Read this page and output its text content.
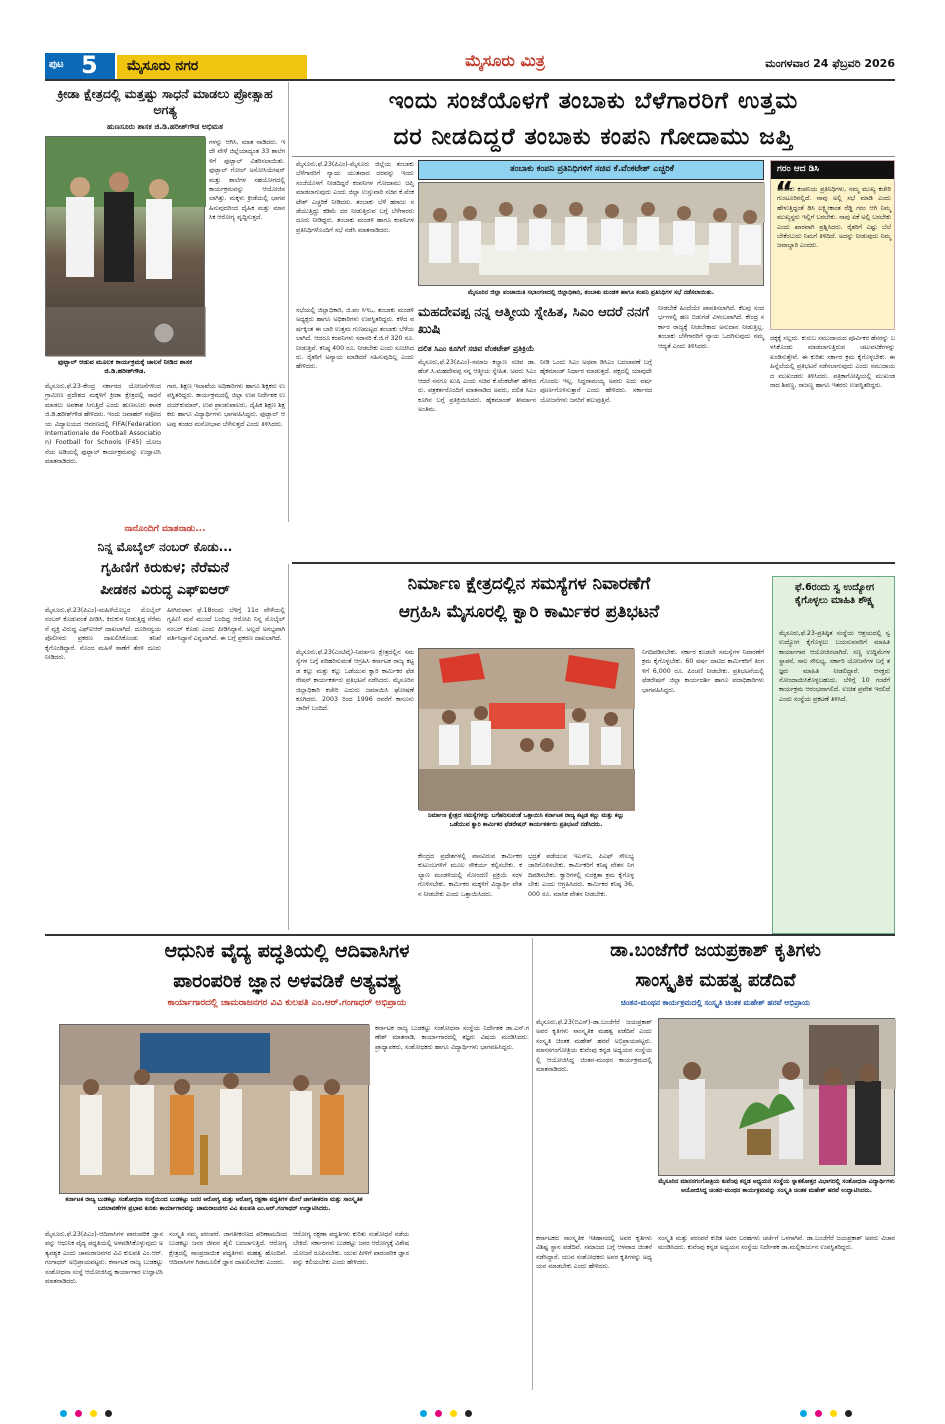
ಪುಟ 5	ಮೈಸೂರು ನಗರ	ಮೈಸೂರು ಮಿತ್ರ	ಮಂಗಳವಾರ 24 ಫೆಬ್ರವರಿ 2026
ಕ್ರೀಡಾ ಕ್ಷೇತ್ರದಲ್ಲಿ ಮತ್ತಷ್ಟು ಸಾಧನೆ ಮಾಡಲು ಪ್ರೋತ್ಸಾಹ ಅಗತ್ಯ
ಹುಣಸೂರು ಶಾಸಕ ಜಿ.ಡಿ.ಹರೀಶ್‌ಗೌಡ ಅಭಿಮತ
ಫುಟ್ಬಾಲ್ ಆಡುವ ಮೂಲಕ ಕಾರ್ಯಕ್ರಮಕ್ಕೆ ಚಾಲನೆ ನೀಡಿದ ಶಾಸಕ ಜಿ.ಡಿ.ಹರೀಶ್‌ಗೌಡ.
ಗಳನ್ನು ಆಗಿಸಿ, ಮಾತ ನಾಡಿದರು. ಇದೇ ವೇಳೆ ಜಿಲ್ಲೆಯಾದ್ಯಂತ 33 ಶಾಲೆಗಳಿಗೆ ಫುಟ್ಬಾಲ್ ವಿತರಿಸಲಾಯಿತು. ಫುಟ್ಬಾಲ್ ಗೋಲ್ ಅಸೋಸಿಯೇಷನ್ ಮತ್ತು ಶಾಲೆಗಳ ಸಹಯೋಗದಲ್ಲಿ ಕಾರ್ಯಕ್ರಮವನ್ನು ಆಯೋಜಿಸಲಾಗಿತ್ತು. ಮಕ್ಕಳು ಕ್ರೀಡೆಯಲ್ಲಿ ಭಾಗವಹಿಸುವುದರಿಂದ ದೈಹಿಕ ಮತ್ತು ಮಾನಸಿಕ ಆರೋಗ್ಯ ವೃದ್ಧಿಸುತ್ತದೆ.
ಮೈಸೂರು,ಫೆ.23-ಕೇಂದ್ರ ಸರ್ಕಾರದ ಯೋಜನೆಗಳಿಂದ ಗ್ರಾಮೀಣ ಪ್ರದೇಶದ ಮಕ್ಕಳಿಗೆ ಕ್ರೀಡಾ ಕ್ಷೇತ್ರದಲ್ಲಿ ಸಾಧನೆ ಮಾಡಲು ಅವಕಾಶ ಸಿಗುತ್ತಿದೆ ಎಂದು ಹುಣಸೂರು ಶಾಸಕ ಜಿ.ಡಿ.ಹರೀಶ್‌ಗೌಡ ಹೇಳಿದರು. ಇಂದು ಜವಾಹರ್ ನವೋದಯ ವಿದ್ಯಾಲಯದ ಆವರಣದಲ್ಲಿ FIFA(Federation Internationale de Football Association) Football for Schools (F45) ಯೋಜನೆಯ ಅಡಿಯಲ್ಲಿ ಫುಟ್ಬಾಲ್ ಕಾರ್ಯಕ್ರಮವನ್ನು ಉದ್ಘಾಟಿಸಿ ಮಾತನಾಡಿದರು.
ಗಾರ, ಶಿಕ್ಷಣ ಇಲಾಖೆಯ ಅಧಿಕಾರಿಗಳು ಹಾಗೂ ಶಿಕ್ಷಕರು ಉಪಸ್ಥಿತರಿದ್ದರು. ಕಾರ್ಯಕ್ರಮದಲ್ಲಿ ಜಿಲ್ಲಾ ಉಪ ನಿರ್ದೇಶಕ ಉದಯ್‌ಕುಮಾರ್, ಉಪ ಪ್ರಾಂಶುಪಾಲರು, ದೈಹಿಕ ಶಿಕ್ಷಣ ಶಿಕ್ಷಕರು ಹಾಗೂ ವಿದ್ಯಾರ್ಥಿಗಳು ಭಾಗವಹಿಸಿದ್ದರು. ಫುಟ್ಬಾಲ್ ಆಟವು ತಂಡದ ಮನೋಭಾವ ಬೆಳೆಸುತ್ತದೆ ಎಂದು ತಿಳಿಸಿದರು.
ಇಂದು ಸಂಜೆಯೊಳಗೆ ತಂಬಾಕು ಬೆಳೆಗಾರರಿಗೆ ಉತ್ತಮ
ದರ ನೀಡದಿದ್ದರೆ ತಂಬಾಕು ಕಂಪನಿ ಗೋದಾಮು ಜಪ್ತಿ
ಮೈಸೂರು,ಫೆ.23(ಪಿಎಂ)-ಮೈಸೂರು ಜಿಲ್ಲೆಯ ತಂಬಾಕು ಬೆಳೆಗಾರರಿಗೆ ನ್ಯಾಯ ಯುತವಾದ ದರವನ್ನು ಇಂದು ಸಂಜೆಯೊಳಗೆ ನೀಡದಿದ್ದರೆ ಕಂಪನಿಗಳ ಗೋದಾಮು ಜಪ್ತಿ ಮಾಡಲಾಗುವುದು ಎಂದು ಜಿಲ್ಲಾ ಉಸ್ತುವಾರಿ ಸಚಿವ ಕೆ.ವೆಂಕಟೇಶ್ ಎಚ್ಚರಿಕೆ ನೀಡಿದರು. ತಂಬಾಕು ಬೆಳೆ ಹರಾಜು ನಡೆಯುತ್ತಿದ್ದು ಕಡಿಮೆ ದರ ನೀಡುತ್ತಿರುವ ಬಗ್ಗೆ ಬೆಳೆಗಾರರು ದೂರು ನೀಡಿದ್ದರು. ತಂಬಾಕು ಮಂಡಳಿ ಹಾಗೂ ಕಂಪನಿಗಳ ಪ್ರತಿನಿಧಿಗಳೊಂದಿಗೆ ಸಭೆ ನಡೆಸಿ ಮಾತನಾಡಿದರು.
ತಂಬಾಕು ಕಂಪನಿ ಪ್ರತಿನಿಧಿಗಳಿಗೆ ಸಚಿವ ಕೆ.ವೆಂಕಟೇಶ್ ಎಚ್ಚರಿಕೆ
ಮೈಸೂರಿನ ಜಿಲ್ಲಾ ಪಂಚಾಯಿತಿ ಸಭಾಂಗಣದಲ್ಲಿ ಜಿಲ್ಲಾಧಿಕಾರಿ, ತಂಬಾಕು ಮಂಡಳಿ ಹಾಗೂ ಕಂಪನಿ ಪ್ರತಿನಿಧಿಗಳ ಸಭೆ ನಡೆಸಲಾಯಿತು.
ಗರಂ ಆದ ಡಿಸಿ
“
ತಂಬಾಕು ಕಂಪನಿಯ ಪ್ರತಿನಿಧಿಗಳು, ನಮ್ಮ ಮುಖ್ಯ ಕಚೇರಿ ಗುಂಟೂರಿನಲ್ಲಿದೆ. ನಾವು ಅಲ್ಲಿ ಸಭೆ ಮಾಡಿ ಎಂದು ಹೇಳುತ್ತಿದ್ದಂತೆ ಡಿಸಿ ಲಕ್ಷ್ಮೀಕಾಂತ ರೆಡ್ಡಿ ಗರಂ ಆಗಿ ನಿಮ್ಮ ಮುಖ್ಯಸ್ಥರು ಇಲ್ಲಿಗೆ ಬರಬೇಕು. ನಾವು ಏಕೆ ಅಲ್ಲಿ ಬರಬೇಕು ಎಂದು ಖಾರವಾಗಿ ಪ್ರಶ್ನಿಸಿದರು. ರೈತರಿಗೆ ಎಷ್ಟು ಬೆಲೆ ಬೇಕೆಂಬುದು ನಿಮಗೆ ತಿಳಿದಿದೆ. ಅದನ್ನು ನೀಡುವುದು ನಿಮ್ಮ ಜವಾಬ್ದಾರಿ ಎಂದರು.
ದಕ್ಕಕ್ಕೆ ಸಲ್ಲದು. ಕುರುಬ ಸಮುದಾಯದ ಪೂರ್ವಿಕರ ಹೆಸರನ್ನು ಬಳಸಿಕೊಂಡು ಮಾಡಲಾಗುತ್ತಿರುವ ಚಟುವಟಿಕೆಗಳನ್ನು ಖಂಡಿಸುತ್ತೇವೆ. ಈ ಕುರಿತು ಸರ್ಕಾರ ಕ್ರಮ ಕೈಗೊಳ್ಳಬೇಕು. ಈ ಹಿನ್ನೆಲೆಯಲ್ಲಿ ಪ್ರತಿಭಟನೆ ನಡೆಸಲಾಗುವುದು ಎಂದು ಸಮುದಾಯದ ಮುಖಂಡರು ತಿಳಿಸಿದರು. ಪತ್ರಿಕಾಗೋಷ್ಠಿಯಲ್ಲಿ ಮುಖಂಡರಾದ ಶಿವಣ್ಣ, ರಾಜಣ್ಣ ಹಾಗೂ ಇತರರು ಉಪಸ್ಥಿತರಿದ್ದರು.
ಮಹದೇವಪ್ಪ ನನ್ನ ಆತ್ಮೀಯ ಸ್ನೇಹಿತ, ಸಿಎಂ ಆದರೆ ನನಗೆ ಖುಷಿ
ದಲಿತ ಸಿಎಂ ಕೂಗಿಗೆ ಸಚಿವ ವೆಂಕಟೇಶ್ ಪ್ರತಿಕ್ರಿಯೆ
ಮೈಸೂರು,ಫೆ.23(ಪಿಎಂ)-ಸಮಾಜ ಕಲ್ಯಾಣ ಸಚಿವ ಡಾ.ಹೆಚ್.ಸಿ.ಮಹದೇವಪ್ಪ ನನ್ನ ಆತ್ಮೀಯ ಸ್ನೇಹಿತ. ಅವರು ಸಿಎಂ ಆದರೆ ನನಗೂ ಖುಷಿ ಎಂದು ಸಚಿವ ಕೆ.ವೆಂಕಟೇಶ್ ಹೇಳಿದರು. ಪತ್ರಕರ್ತರೊಂದಿಗೆ ಮಾತನಾಡಿದ ಅವರು, ದಲಿತ ಸಿಎಂ ಕೂಗಿನ ಬಗ್ಗೆ ಪ್ರತಿಕ್ರಿಯಿಸಿದರು. ಹೈಕಮಾಂಡ್ ತೀರ್ಮಾನ ಅಂತಿಮ.
ನೀಡಿ ಒಂದು ಸಿಎಂ ಅಥವಾ ಡಿಸಿಎಂ ಬದಲಾವಣೆ ಬಗ್ಗೆ ಹೈಕಮಾಂಡ್ ನಿರ್ಧಾರ ಮಾಡುತ್ತದೆ. ಪಕ್ಷದಲ್ಲಿ ಯಾವುದೇ ಗೊಂದಲ ಇಲ್ಲ. ಸಿದ್ದರಾಮಯ್ಯ ಅವರು ಐದು ವರ್ಷ ಪೂರ್ಣಗೊಳಿಸುತ್ತಾರೆ ಎಂದು ಹೇಳಿದರು. ಸರ್ಕಾರದ ಯೋಜನೆಗಳು ಜನರಿಗೆ ತಲುಪುತ್ತಿವೆ.
ನೀಡಬೇಕೆ ಹಿಂದೆಯೇ ಪಾವತಿಸಲಾಗಿದೆ. ಕೆಲವು ಸಂದರ್ಭಗಳಲ್ಲಿ ಹಣ ಬಿಡುಗಡೆ ವಿಳಂಬವಾಗಿದೆ. ಕೇಂದ್ರ ಸರ್ಕಾರ ರಾಜ್ಯಕ್ಕೆ ನೀಡಬೇಕಾದ ಅನುದಾನ ನೀಡುತ್ತಿಲ್ಲ. ತಂಬಾಕು ಬೆಳೆಗಾರರಿಗೆ ನ್ಯಾಯ ಒದಗಿಸುವುದು ನಮ್ಮ ಆದ್ಯತೆ ಎಂದು ತಿಳಿಸಿದರು.
ಸಭೆಯಲ್ಲಿ ಜಿಲ್ಲಾಧಿಕಾರಿ, ಜಿ.ಪಂ ಸಿಇಒ, ತಂಬಾಕು ಮಂಡಳಿ ಅಧ್ಯಕ್ಷರು ಹಾಗೂ ಅಧಿಕಾರಿಗಳು ಉಪಸ್ಥಿತರಿದ್ದರು. ಕಳೆದ ವರ್ಷಕ್ಕಿಂತ ಈ ಬಾರಿ ಉತ್ತಮ ಗುಣಮಟ್ಟದ ತಂಬಾಕು ಬೆಳೆಯಲಾಗಿದೆ. ಆದರೂ ಕಂಪನಿಗಳು ಸರಾಸರಿ ಕೆ.ಜಿ.ಗೆ 320 ರೂ. ನೀಡುತ್ತಿವೆ. ಕನಿಷ್ಠ 400 ರೂ. ನೀಡಬೇಕು ಎಂದು ಸೂಚಿಸಿದರು. ರೈತರಿಗೆ ಅನ್ಯಾಯ ಮಾಡಿದರೆ ಸಹಿಸುವುದಿಲ್ಲ ಎಂದು ಹೇಳಿದರು.
ನಾನೊಂದಿಗೆ ಮಾತನಾಡು...
ನಿನ್ನ ಮೊಬೈಲ್ ನಂಬರ್ ಕೊಡು...
ಗೃಹಿಣಿಗೆ ಕಿರುಕುಳ; ನೆರೆಮನೆ
ಪೀಡಕನ ವಿರುದ್ಧ ಎಫ್‌ಐಆರ್
ಮೈಸೂರು,ಫೆ.23(ಪಿಎಂ)-ಮಹಿಳೆಯೊಬ್ಬರ ಮೊಬೈಲ್ ನಂಬರ್ ಕೊಡುವಂತೆ ಪೀಡಿಸಿ, ಕಿರುಕುಳ ನೀಡುತ್ತಿದ್ದ ನೆರೆಮನೆ ವ್ಯಕ್ತಿ ವಿರುದ್ಧ ಎಫ್‌ಐಆರ್ ದಾಖಲಾಗಿದೆ. ದೂರಿನನ್ವಯ ಪೊಲೀಸರು ಪ್ರಕರಣ ದಾಖಲಿಸಿಕೊಂಡು ತನಿಖೆ ಕೈಗೊಂಡಿದ್ದಾರೆ. ನೊಂದ ಮಹಿಳೆ ಠಾಣೆಗೆ ತೆರಳಿ ದೂರು ನೀಡಿದರು.
ಹೀಗಿರುವಾಗ ಫೆ.18ರಂದು ಬೆಳಿಗ್ಗೆ 11ರ ವೇಳೆಯಲ್ಲಿ ಗೃಹಿಣಿ ಮನೆ ಮುಂದೆ ಬಂದಿದ್ದ ಆರೋಪಿ ನಿನ್ನ ಮೊಬೈಲ್ ನಂಬರ್ ಕೊಡು ಎಂದು ಪೀಡಿಸಿದ್ದಾನೆ. ಅಲ್ಲದೆ ಅಸಭ್ಯವಾಗಿ ವರ್ತಿಸಿದ್ದಾನೆ ಎನ್ನಲಾಗಿದೆ. ಈ ಬಗ್ಗೆ ಪ್ರಕರಣ ದಾಖಲಾಗಿದೆ.
ನಿರ್ಮಾಣ ಕ್ಷೇತ್ರದಲ್ಲಿನ ಸಮಸ್ಯೆಗಳ ನಿವಾರಣೆಗೆ
ಆಗ್ರಹಿಸಿ ಮೈಸೂರಲ್ಲಿ ಕ್ವಾರಿ ಕಾರ್ಮಿಕರ ಪ್ರತಿಭಟನೆ
ಮೈಸೂರು,ಫೆ.23(ಎಂಟಿವೈ)-ನಿರ್ಮಾಣ ಕ್ಷೇತ್ರದಲ್ಲಿನ ಸಮಸ್ಯೆಗಳ ಬಗ್ಗೆ ಪರಿಹರಿಸುವಂತೆ ಆಗ್ರಹಿಸಿ ಕರ್ನಾಟಕ ರಾಜ್ಯ ಕಟ್ಟಡ ಕಲ್ಲು ಮತ್ತು ಕಲ್ಲು ಒಡೆಯುವ ಕ್ವಾರಿ ಕಾರ್ಮಿಕರ ಫೆಡರೇಷನ್ ಕಾರ್ಯಕರ್ತರು ಪ್ರತಿಭಟನೆ ನಡೆಸಿದರು. ಮೈಸೂರಿನ ಜಿಲ್ಲಾಧಿಕಾರಿ ಕಚೇರಿ ಎದುರು ಜಮಾಯಿಸಿ ಘೋಷಣೆ ಕೂಗಿದರು. 2003 ರಿಂದ 1996 ರವರೆಗೆ ಕಾನೂನು ಜಾರಿಗೆ ಬಂದಿದೆ.
ನಿರ್ಮಾಣ ಕ್ಷೇತ್ರದ ಸಮಸ್ಯೆಗಳನ್ನು ಬಗೆಹರಿಸುವಂತೆ ಒತ್ತಾಯಿಸಿ ಕರ್ನಾಟಕ ರಾಜ್ಯ ಕಟ್ಟಡ ಕಲ್ಲು ಮತ್ತು ಕಲ್ಲು ಒಡೆಯುವ ಕ್ವಾರಿ ಕಾರ್ಮಿಕರ ಫೆಡರೇಷನ್ ಕಾರ್ಯಕರ್ತರು ಪ್ರತಿಭಟನೆ ನಡೆಸಿದರು.
ನಿಗದಿಪಡಿಸಬೇಕು. ಸರ್ಕಾರ ಕೂಡಲೇ ಸಮಸ್ಯೆಗಳ ನಿವಾರಣೆಗೆ ಕ್ರಮ ಕೈಗೊಳ್ಳಬೇಕು. 60 ವರ್ಷ ದಾಟಿದ ಕಾರ್ಮಿಕರಿಗೆ ತಿಂಗಳಿಗೆ 6,000 ರೂ. ಪಿಂಚಣಿ ನೀಡಬೇಕು. ಪ್ರತಿಭಟನೆಯಲ್ಲಿ ಫೆಡರೇಷನ್ ಜಿಲ್ಲಾ ಕಾರ್ಯದರ್ಶಿ ಹಾಗೂ ಪದಾಧಿಕಾರಿಗಳು ಭಾಗವಹಿಸಿದ್ದರು.
ಕೇಂದ್ರದ ಪ್ರದೇಶಗಳಲ್ಲಿ ವಾಸವಿರುವ ಕಾರ್ಮಿಕರ ಕುಟುಂಬಗಳಿಗೆ ಮೂಲ ಸೌಕರ್ಯ ಕಲ್ಪಿಸಬೇಕು. ಕಲ್ಯಾಣ ಮಂಡಳಿಯಲ್ಲಿ ನೋಂದಣಿ ಪ್ರಕ್ರಿಯೆ ಸರಳಗೊಳಿಸಬೇಕು. ಕಾರ್ಮಿಕರ ಮಕ್ಕಳಿಗೆ ವಿದ್ಯಾರ್ಥಿ ವೇತನ ನೀಡಬೇಕು ಎಂದು ಒತ್ತಾಯಿಸಿದರು.
ಭದ್ರತೆ ಪಡೆಯುವ ಇಎಸ್‌ಐ, ಪಿಎಫ್ ಸೌಲಭ್ಯ ಜಾರಿಗೊಳಿಸಬೇಕು. ಕಾರ್ಮಿಕರಿಗೆ ಕನಿಷ್ಠ ವೇತನ ನಿಗದಿಪಡಿಸಬೇಕು. ಕ್ವಾರಿಗಳಲ್ಲಿ ಸುರಕ್ಷತಾ ಕ್ರಮ ಕೈಗೊಳ್ಳಬೇಕು ಎಂದು ಆಗ್ರಹಿಸಿದರು. ಕಾರ್ಮಿಕರ ಕನಿಷ್ಠ 36,000 ರೂ. ಮಾಸಿಕ ವೇತನ ನೀಡಬೇಕು.
ಫೆ.6ರಂದು ಸ್ವ ಉದ್ಯೋಗ ಕೈಗೊಳ್ಳಲು ಮಾಹಿತಿ ಶೌಕ್ಷ್ಯ
ಮೈಸೂರು,ಫೆ.23-ಪ್ರತಿಷ್ಠಿತ ಸಂಸ್ಥೆಯ ಆಶ್ರಯದಲ್ಲಿ ಸ್ವ ಉದ್ಯೋಗ ಕೈಗೊಳ್ಳಲು ಬಯಸುವವರಿಗೆ ಮಾಹಿತಿ ಕಾರ್ಯಾಗಾರ ಆಯೋಜಿಸಲಾಗಿದೆ. ಸಣ್ಣ ಉದ್ದಿಮೆಗಳ ಸ್ಥಾಪನೆ, ಸಾಲ ಸೌಲಭ್ಯ, ಸರ್ಕಾರಿ ಯೋಜನೆಗಳ ಬಗ್ಗೆ ತಜ್ಞರು ಮಾಹಿತಿ ನೀಡಲಿದ್ದಾರೆ. ಆಸಕ್ತರು ನೋಂದಾಯಿಸಿಕೊಳ್ಳಬಹುದು. ಬೆಳಿಗ್ಗೆ 10 ಗಂಟೆಗೆ ಕಾರ್ಯಕ್ರಮ ಆರಂಭವಾಗಲಿದೆ. ಉಚಿತ ಪ್ರವೇಶ ಇರಲಿದೆ ಎಂದು ಸಂಸ್ಥೆಯ ಪ್ರಕಟಣೆ ತಿಳಿಸಿದೆ.
ಆಧುನಿಕ ವೈದ್ಯ ಪದ್ಧತಿಯಲ್ಲಿ ಆದಿವಾಸಿಗಳ
ಪಾರಂಪರಿಕ ಜ್ಞಾನ ಅಳವಡಿಕೆ ಅತ್ಯವಶ್ಯ
ಕಾರ್ಯಾಗಾರದಲ್ಲಿ ಚಾಮರಾಜನಗರ ವಿವಿ ಕುಲಪತಿ ಎಂ.ಆರ್.ಗಂಗಾಧರ್ ಅಭಿಪ್ರಾಯ
ಕರ್ನಾಟಕ ರಾಜ್ಯ ಬುಡಕಟ್ಟು ಸಂಶೋಧನಾ ಸಂಸ್ಥೆಯಿಂದ ಬುಡಕಟ್ಟು ಜನರ ಆರೋಗ್ಯ ಮತ್ತು ಆರೋಗ್ಯ ರಕ್ಷಣಾ ಪದ್ಧತಿಗಳ ಮೇಲೆ ಜಾಗತೀಕರಣ ಮತ್ತು ಸಾಂಸ್ಕೃತಿಕ ಬದಲಾವಣೆಗಳ ಪ್ರಭಾವ ಕುರಿತು ಕಾರ್ಯಾಗಾರವನ್ನು ಚಾಮರಾಜನಗರ ವಿವಿ ಕುಲಪತಿ ಎಂ.ಆರ್.ಗಂಗಾಧರ್ ಉದ್ಘಾಟಿಸಿದರು.
ಮೈಸೂರು,ಫೆ.23(ಪಿಎಂ)-ಆದಿವಾಸಿಗಳ ಪಾರಂಪರಿಕ ಜ್ಞಾನವನ್ನು ಆಧುನಿಕ ವೈದ್ಯ ಪದ್ಧತಿಯಲ್ಲಿ ಅಳವಡಿಸಿಕೊಳ್ಳುವುದು ಅತ್ಯವಶ್ಯಕ ಎಂದು ಚಾಮರಾಜನಗರ ವಿವಿ ಕುಲಪತಿ ಎಂ.ಆರ್.ಗಂಗಾಧರ್ ಅಭಿಪ್ರಾಯಪಟ್ಟರು. ಕರ್ನಾಟಕ ರಾಜ್ಯ ಬುಡಕಟ್ಟು ಸಂಶೋಧನಾ ಸಂಸ್ಥೆ ಆಯೋಜಿಸಿದ್ದ ಕಾರ್ಯಾಗಾರ ಉದ್ಘಾಟಿಸಿ ಮಾತನಾಡಿದರು.
ಸಂಸ್ಕೃತಿ ನಮ್ಮ ಪರಂಪರೆ. ಜಾಗತೀಕರಣದ ಪರಿಣಾಮದಿಂದ ಬುಡಕಟ್ಟು ಜನರ ಜೀವನ ಶೈಲಿ ಬದಲಾಗುತ್ತಿದೆ. ಆರೋಗ್ಯ ಕ್ಷೇತ್ರದಲ್ಲಿ ಸಾಂಪ್ರದಾಯಿಕ ಪದ್ಧತಿಗಳು ಮಹತ್ವ ಹೊಂದಿವೆ. ಆದಿವಾಸಿಗಳ ಗಿಡಮೂಲಿಕೆ ಜ್ಞಾನ ದಾಖಲಿಸಬೇಕು ಎಂದರು.
ಆರೋಗ್ಯ ರಕ್ಷಣಾ ಪದ್ಧತಿಗಳು ಕುರಿತು ಸಂಶೋಧನೆ ನಡೆಯಬೇಕಿದೆ. ಸರ್ಕಾರಗಳು ಬುಡಕಟ್ಟು ಜನರ ಆರೋಗ್ಯಕ್ಕೆ ವಿಶೇಷ ಯೋಜನೆ ರೂಪಿಸಬೇಕು. ಯುವ ಪೀಳಿಗೆ ಪಾರಂಪರಿಕ ಜ್ಞಾನವನ್ನು ಕಲಿಯಬೇಕು ಎಂದು ಹೇಳಿದರು.
ಕರ್ನಾಟಕ ರಾಜ್ಯ ಬುಡಕಟ್ಟು ಸಂಶೋಧನಾ ಸಂಸ್ಥೆಯ ನಿರ್ದೇಶಕ ಡಾ.ಎಸ್.ಗಣೇಶ್ ಮಾತನಾಡಿ, ಕಾರ್ಯಾಗಾರದಲ್ಲಿ ತಜ್ಞರು ವಿಷಯ ಮಂಡಿಸಿದರು. ಪ್ರಾಧ್ಯಾಪಕರು, ಸಂಶೋಧಕರು ಹಾಗೂ ವಿದ್ಯಾರ್ಥಿಗಳು ಭಾಗವಹಿಸಿದ್ದರು.
ಡಾ.ಬಂಜೆಗೆರೆ ಜಯಪ್ರಕಾಶ್ ಕೃತಿಗಳು
ಸಾಂಸ್ಕೃತಿಕ ಮಹತ್ವ ಪಡೆದಿವೆ
ಚಿಂತನ-ಮಂಥನ ಕಾರ್ಯಕ್ರಮದಲ್ಲಿ ಸಂಸ್ಕೃತಿ ಚಿಂತಕ ಮಹೇಶ್ ಹರವೆ ಅಭಿಪ್ರಾಯ
ಮೈಸೂರು,ಫೆ.23(ಬಿಎಸ್)-ಡಾ.ಬಂಜೆಗೆರೆ ಜಯಪ್ರಕಾಶ್ ಅವರ ಕೃತಿಗಳು ಸಾಂಸ್ಕೃತಿಕ ಮಹತ್ವ ಪಡೆದಿವೆ ಎಂದು ಸಂಸ್ಕೃತಿ ಚಿಂತಕ ಮಹೇಶ್ ಹರವೆ ಅಭಿಪ್ರಾಯಪಟ್ಟರು. ಮಾನಸಗಂಗೋತ್ರಿಯ ಕುವೆಂಪು ಕನ್ನಡ ಅಧ್ಯಯನ ಸಂಸ್ಥೆಯಲ್ಲಿ ಆಯೋಜಿಸಿದ್ದ ಚಿಂತನ-ಮಂಥನ ಕಾರ್ಯಕ್ರಮದಲ್ಲಿ ಮಾತನಾಡಿದರು.
ಮೈಸೂರಿನ ಮಾನಸಗಂಗೋತ್ರಿಯ ಕುವೆಂಪು ಕನ್ನಡ ಅಧ್ಯಯನ ಸಂಸ್ಥೆಯ ಸ್ನಾತಕೋತ್ತರ ವಿಭಾಗದಲ್ಲಿ ಸಂಶೋಧನಾ ವಿದ್ಯಾರ್ಥಿಗಳು ಆಯೋಜಿಸಿದ್ದ ಚಿಂತನ-ಮಂಥನ ಕಾರ್ಯಕ್ರಮವನ್ನು ಸಂಸ್ಕೃತಿ ಚಿಂತಕ ಮಹೇಶ್ ಹರವೆ ಉದ್ಘಾಟಿಸಿದರು.
ಕರ್ನಾಟಕದ ಸಾಂಸ್ಕೃತಿಕ ಇತಿಹಾಸದಲ್ಲಿ ಅವರ ಕೃತಿಗಳು ವಿಶಿಷ್ಟ ಸ್ಥಾನ ಪಡೆದಿವೆ. ಸಮಾಜದ ಬಗ್ಗೆ ಆಳವಾದ ಚಿಂತನೆ ನಡೆಸಿದ್ದಾರೆ. ಯುವ ಸಂಶೋಧಕರು ಅವರ ಕೃತಿಗಳನ್ನು ಅಧ್ಯಯನ ಮಾಡಬೇಕು ಎಂದು ಹೇಳಿದರು.
ಸಂಸ್ಕೃತಿ ಮತ್ತು ಪರಂಪರೆ ಕುರಿತ ಅವರ ಬರಹಗಳು ಚರ್ಚೆಗೆ ಒಳಗಾಗಿವೆ. ಡಾ.ಬಂಜೆಗೆರೆ ಜಯಪ್ರಕಾಶ್ ಅವರು ವಿಚಾರ ಮಂಡಿಸಿದರು. ಕುವೆಂಪು ಕನ್ನಡ ಅಧ್ಯಯನ ಸಂಸ್ಥೆಯ ನಿರ್ದೇಶಕ ಡಾ.ಮಲ್ಲಿಕಾರ್ಜುನ ಉಪಸ್ಥಿತರಿದ್ದರು.
